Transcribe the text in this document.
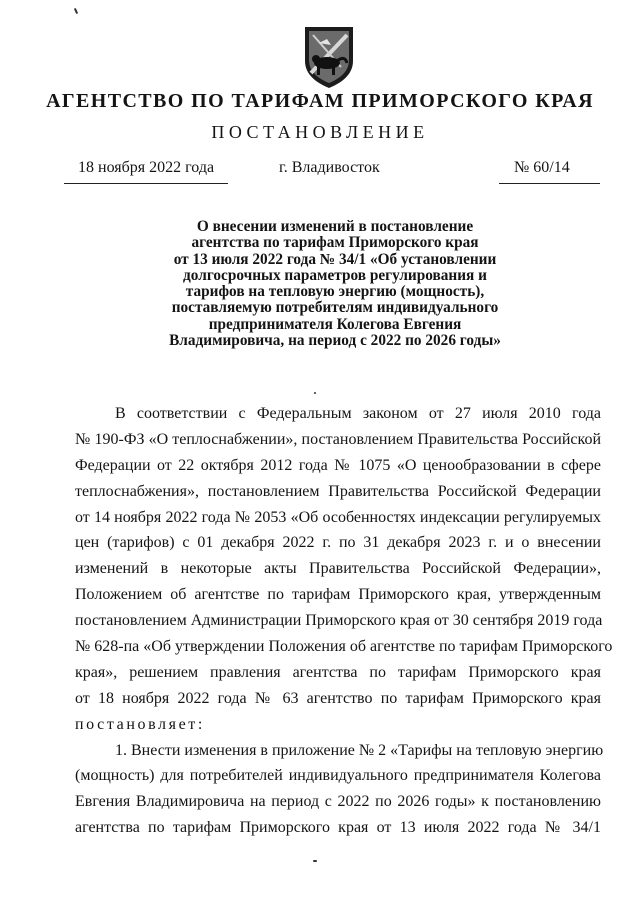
АГЕНТСТВО ПО ТАРИФАМ ПРИМОРСКОГО КРАЯ
ПОСТАНОВЛЕНИЕ
18 ноября 2022 года	г. Владивосток	№ 60/14
О внесении изменений в постановление
агентства по тарифам Приморского края
от 13 июля 2022 года № 34/1 «Об установлении
долгосрочных параметров регулирования и
тарифов на тепловую энергию (мощность),
поставляемую потребителям индивидуального
предпринимателя Колегова Евгения
Владимировича, на период с 2022 по 2026 годы»
В соответствии с Федеральным законом от 27 июля 2010 года
№ 190-ФЗ «О теплоснабжении», постановлением Правительства Российской
Федерации от 22 октября 2012 года № 1075 «О ценообразовании в сфере
теплоснабжения», постановлением Правительства Российской Федерации
от 14 ноября 2022 года № 2053 «Об особенностях индексации регулируемых
цен (тарифов) с 01 декабря 2022 г. по 31 декабря 2023 г. и о внесении
изменений в некоторые акты Правительства Российской Федерации»,
Положением об агентстве по тарифам Приморского края, утвержденным
постановлением Администрации Приморского края от 30 сентября 2019 года
№ 628-па «Об утверждении Положения об агентстве по тарифам Приморского
края», решением правления агентства по тарифам Приморского края
от 18 ноября 2022 года № 63 агентство по тарифам Приморского края
постановляет:
1. Внести изменения в приложение № 2 «Тарифы на тепловую энергию
(мощность) для потребителей индивидуального предпринимателя Колегова
Евгения Владимировича на период с 2022 по 2026 годы» к постановлению
агентства по тарифам Приморского края от 13 июля 2022 года № 34/1
